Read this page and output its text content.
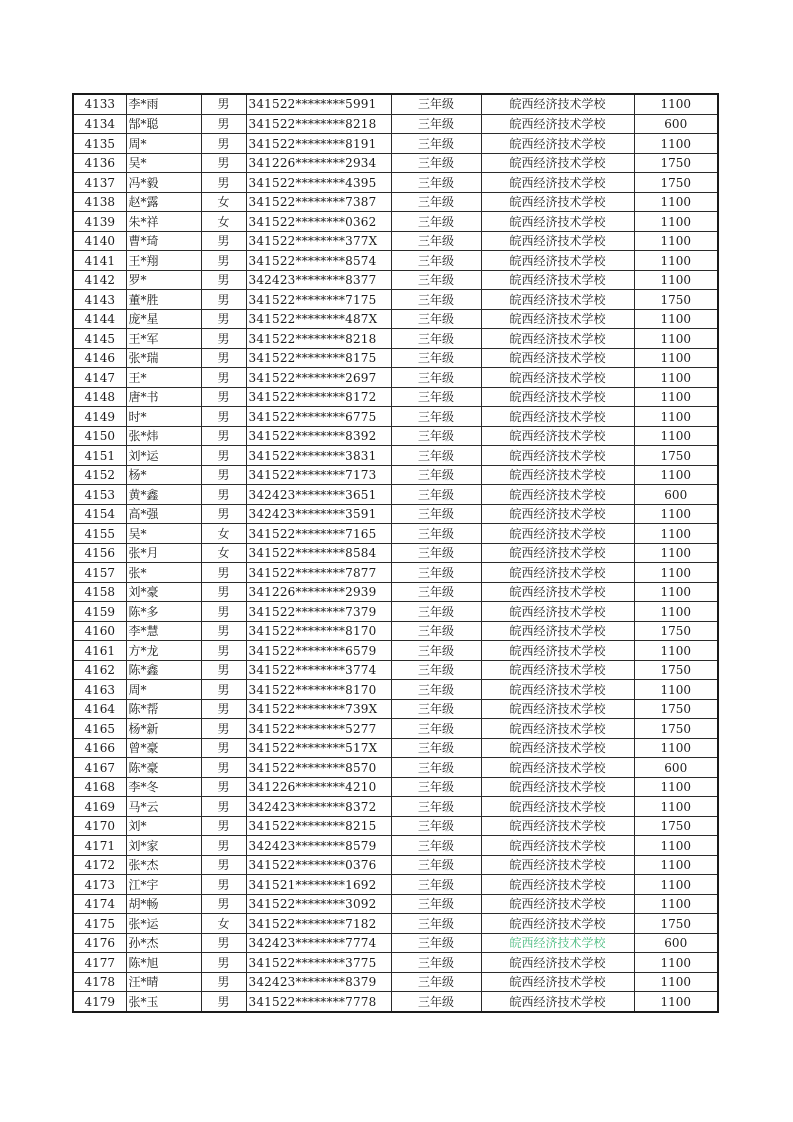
4133	李*雨	男	341522********5991	三年级	皖西经济技术学校	1100
4134	郜*聪	男	341522********8218	三年级	皖西经济技术学校	600
4135	周*	男	341522********8191	三年级	皖西经济技术学校	1100
4136	吴*	男	341226********2934	三年级	皖西经济技术学校	1750
4137	冯*毅	男	341522********4395	三年级	皖西经济技术学校	1750
4138	赵*露	女	341522********7387	三年级	皖西经济技术学校	1100
4139	朱*祥	女	341522********0362	三年级	皖西经济技术学校	1100
4140	曹*琦	男	341522********377X	三年级	皖西经济技术学校	1100
4141	王*翔	男	341522********8574	三年级	皖西经济技术学校	1100
4142	罗*	男	342423********8377	三年级	皖西经济技术学校	1100
4143	董*胜	男	341522********7175	三年级	皖西经济技术学校	1750
4144	庞*星	男	341522********487X	三年级	皖西经济技术学校	1100
4145	王*军	男	341522********8218	三年级	皖西经济技术学校	1100
4146	张*瑞	男	341522********8175	三年级	皖西经济技术学校	1100
4147	王*	男	341522********2697	三年级	皖西经济技术学校	1100
4148	唐*书	男	341522********8172	三年级	皖西经济技术学校	1100
4149	时*	男	341522********6775	三年级	皖西经济技术学校	1100
4150	张*炜	男	341522********8392	三年级	皖西经济技术学校	1100
4151	刘*运	男	341522********3831	三年级	皖西经济技术学校	1750
4152	杨*	男	341522********7173	三年级	皖西经济技术学校	1100
4153	黄*鑫	男	342423********3651	三年级	皖西经济技术学校	600
4154	高*强	男	342423********3591	三年级	皖西经济技术学校	1100
4155	吴*	女	341522********7165	三年级	皖西经济技术学校	1100
4156	张*月	女	341522********8584	三年级	皖西经济技术学校	1100
4157	张*	男	341522********7877	三年级	皖西经济技术学校	1100
4158	刘*豪	男	341226********2939	三年级	皖西经济技术学校	1100
4159	陈*多	男	341522********7379	三年级	皖西经济技术学校	1100
4160	李*慧	男	341522********8170	三年级	皖西经济技术学校	1750
4161	方*龙	男	341522********6579	三年级	皖西经济技术学校	1100
4162	陈*鑫	男	341522********3774	三年级	皖西经济技术学校	1750
4163	周*	男	341522********8170	三年级	皖西经济技术学校	1100
4164	陈*帮	男	341522********739X	三年级	皖西经济技术学校	1750
4165	杨*新	男	341522********5277	三年级	皖西经济技术学校	1750
4166	曾*豪	男	341522********517X	三年级	皖西经济技术学校	1100
4167	陈*豪	男	341522********8570	三年级	皖西经济技术学校	600
4168	李*冬	男	341226********4210	三年级	皖西经济技术学校	1100
4169	马*云	男	342423********8372	三年级	皖西经济技术学校	1100
4170	刘*	男	341522********8215	三年级	皖西经济技术学校	1750
4171	刘*家	男	342423********8579	三年级	皖西经济技术学校	1100
4172	张*杰	男	341522********0376	三年级	皖西经济技术学校	1100
4173	江*宇	男	341521********1692	三年级	皖西经济技术学校	1100
4174	胡*畅	男	341522********3092	三年级	皖西经济技术学校	1100
4175	张*运	女	341522********7182	三年级	皖西经济技术学校	1750
4176	孙*杰	男	342423********7774	三年级	皖西经济技术学校	600
4177	陈*旭	男	341522********3775	三年级	皖西经济技术学校	1100
4178	汪*晴	男	342423********8379	三年级	皖西经济技术学校	1100
4179	张*玉	男	341522********7778	三年级	皖西经济技术学校	1100
